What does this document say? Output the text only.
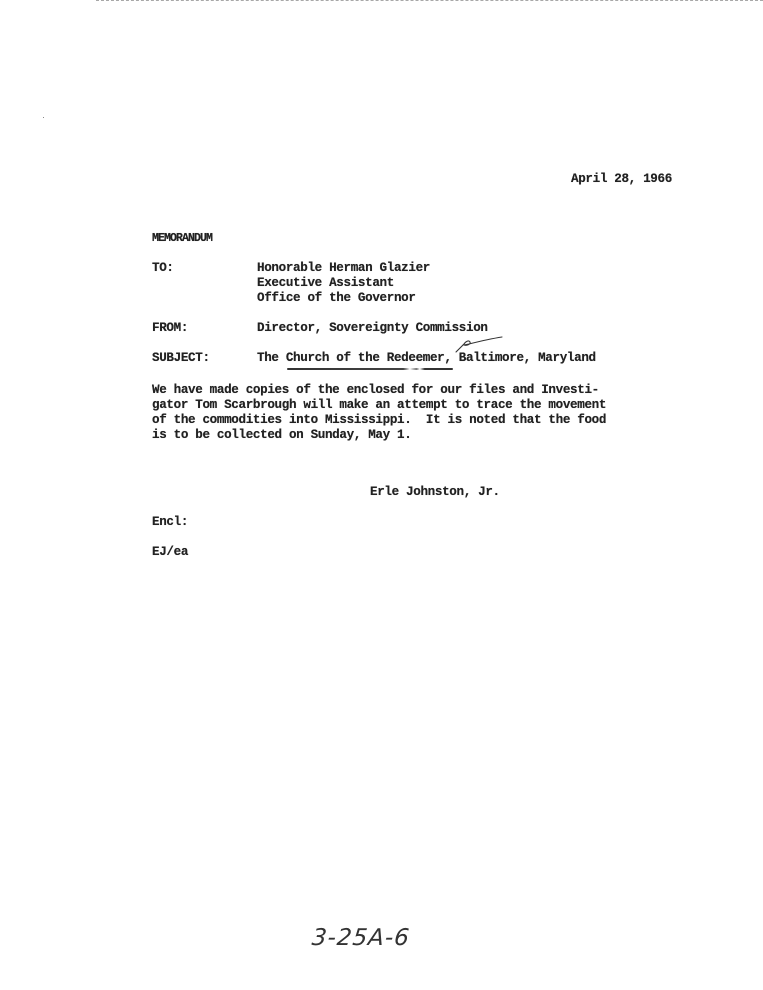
April 28, 1966
MEMORANDUM
TO:	Honorable Herman Glazier
Executive Assistant
Office of the Governor
FROM:	Director, Sovereignty Commission
SUBJECT:	The Church of the Redeemer, Baltimore, Maryland
We have made copies of the enclosed for our files and Investi-
gator Tom Scarbrough will make an attempt to trace the movement
of the commodities into Mississippi.  It is noted that the food
is to be collected on Sunday, May 1.
Erle Johnston, Jr.
Encl:
EJ/ea
3-25A-6
